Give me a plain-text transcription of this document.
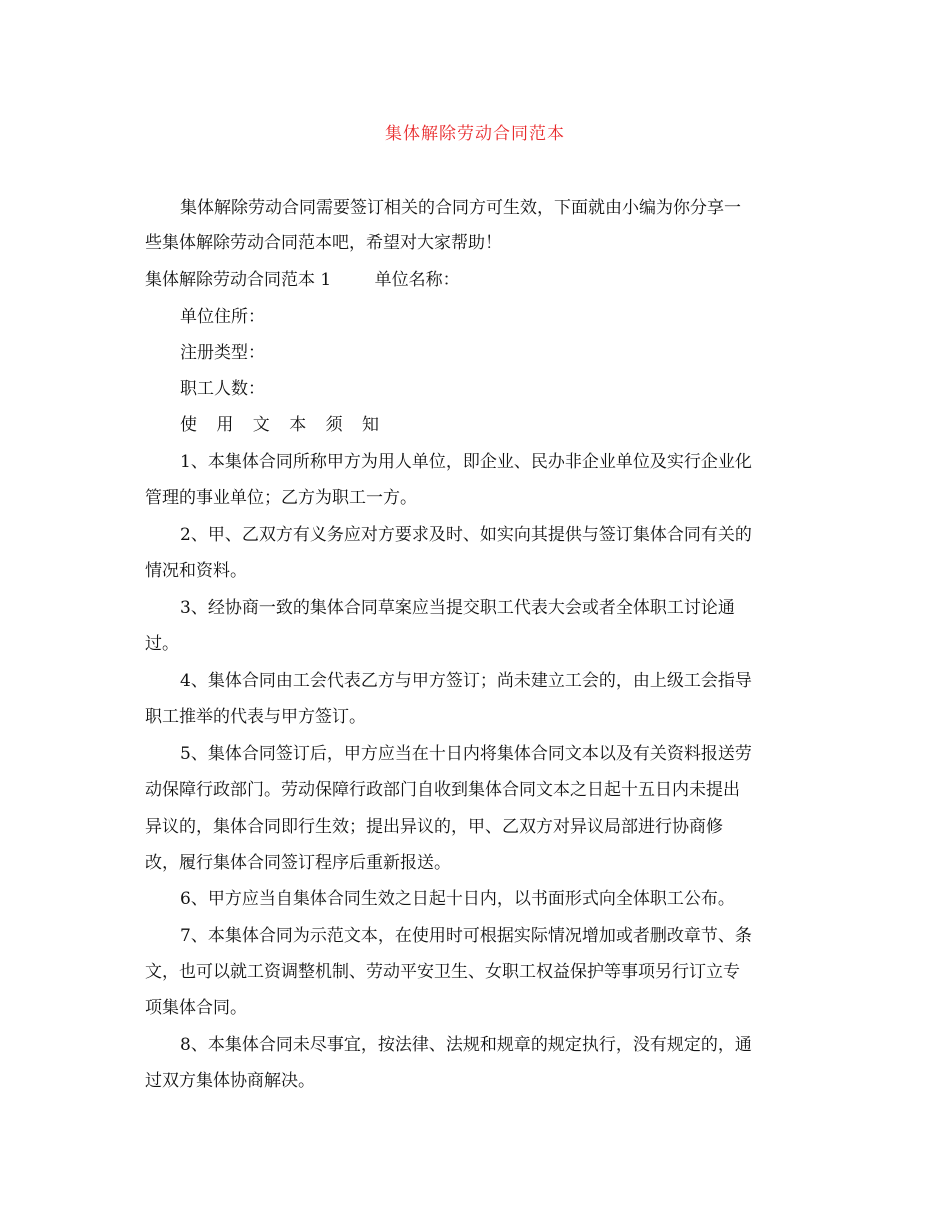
集体解除劳动合同范本
集体解除劳动合同需要签订相关的合同方可生效，下面就由小编为你分享一
些集体解除劳动合同范本吧，希望对大家帮助！
集体解除劳动合同范本 1	单位名称：
单位住所：
注册类型：
职工人数：
使 用 文 本 须 知
1、本集体合同所称甲方为用人单位，即企业、民办非企业单位及实行企业化
管理的事业单位；乙方为职工一方。
2、甲、乙双方有义务应对方要求及时、如实向其提供与签订集体合同有关的
情况和资料。
3、经协商一致的集体合同草案应当提交职工代表大会或者全体职工讨论通
过。
4、集体合同由工会代表乙方与甲方签订；尚未建立工会的，由上级工会指导
职工推举的代表与甲方签订。
5、集体合同签订后，甲方应当在十日内将集体合同文本以及有关资料报送劳
动保障行政部门。劳动保障行政部门自收到集体合同文本之日起十五日内未提出
异议的，集体合同即行生效；提出异议的，甲、乙双方对异议局部进行协商修
改，履行集体合同签订程序后重新报送。
6、甲方应当自集体合同生效之日起十日内，以书面形式向全体职工公布。
7、本集体合同为示范文本，在使用时可根据实际情况增加或者删改章节、条
文，也可以就工资调整机制、劳动平安卫生、女职工权益保护等事项另行订立专
项集体合同。
8、本集体合同未尽事宜，按法律、法规和规章的规定执行，没有规定的，通
过双方集体协商解决。
